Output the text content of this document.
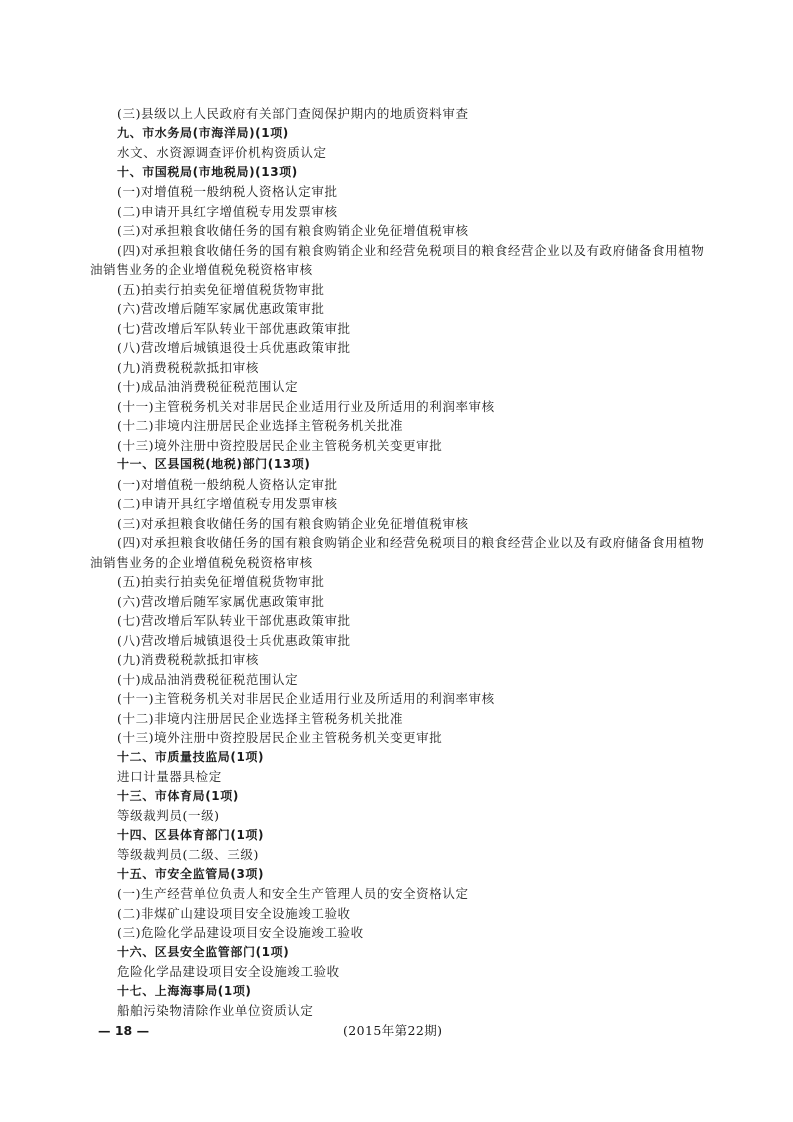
(三)县级以上人民政府有关部门查阅保护期内的地质资料审查
九、市水务局(市海洋局)(1项)
水文、水资源调查评价机构资质认定
十、市国税局(市地税局)(13项)
(一)对增值税一般纳税人资格认定审批
(二)申请开具红字增值税专用发票审核
(三)对承担粮食收储任务的国有粮食购销企业免征增值税审核
(四)对承担粮食收储任务的国有粮食购销企业和经营免税项目的粮食经营企业以及有政府储备食用植物油销售业务的企业增值税免税资格审核
(五)拍卖行拍卖免征增值税货物审批
(六)营改增后随军家属优惠政策审批
(七)营改增后军队转业干部优惠政策审批
(八)营改增后城镇退役士兵优惠政策审批
(九)消费税税款抵扣审核
(十)成品油消费税征税范围认定
(十一)主管税务机关对非居民企业适用行业及所适用的利润率审核
(十二)非境内注册居民企业选择主管税务机关批准
(十三)境外注册中资控股居民企业主管税务机关变更审批
十一、区县国税(地税)部门(13项)
(一)对增值税一般纳税人资格认定审批
(二)申请开具红字增值税专用发票审核
(三)对承担粮食收储任务的国有粮食购销企业免征增值税审核
(四)对承担粮食收储任务的国有粮食购销企业和经营免税项目的粮食经营企业以及有政府储备食用植物油销售业务的企业增值税免税资格审核
(五)拍卖行拍卖免征增值税货物审批
(六)营改增后随军家属优惠政策审批
(七)营改增后军队转业干部优惠政策审批
(八)营改增后城镇退役士兵优惠政策审批
(九)消费税税款抵扣审核
(十)成品油消费税征税范围认定
(十一)主管税务机关对非居民企业适用行业及所适用的利润率审核
(十二)非境内注册居民企业选择主管税务机关批准
(十三)境外注册中资控股居民企业主管税务机关变更审批
十二、市质量技监局(1项)
进口计量器具检定
十三、市体育局(1项)
等级裁判员(一级)
十四、区县体育部门(1项)
等级裁判员(二级、三级)
十五、市安全监管局(3项)
(一)生产经营单位负责人和安全生产管理人员的安全资格认定
(二)非煤矿山建设项目安全设施竣工验收
(三)危险化学品建设项目安全设施竣工验收
十六、区县安全监管部门(1项)
危险化学品建设项目安全设施竣工验收
十七、上海海事局(1项)
船舶污染物清除作业单位资质认定
— 18 —	(2015年第22期)
